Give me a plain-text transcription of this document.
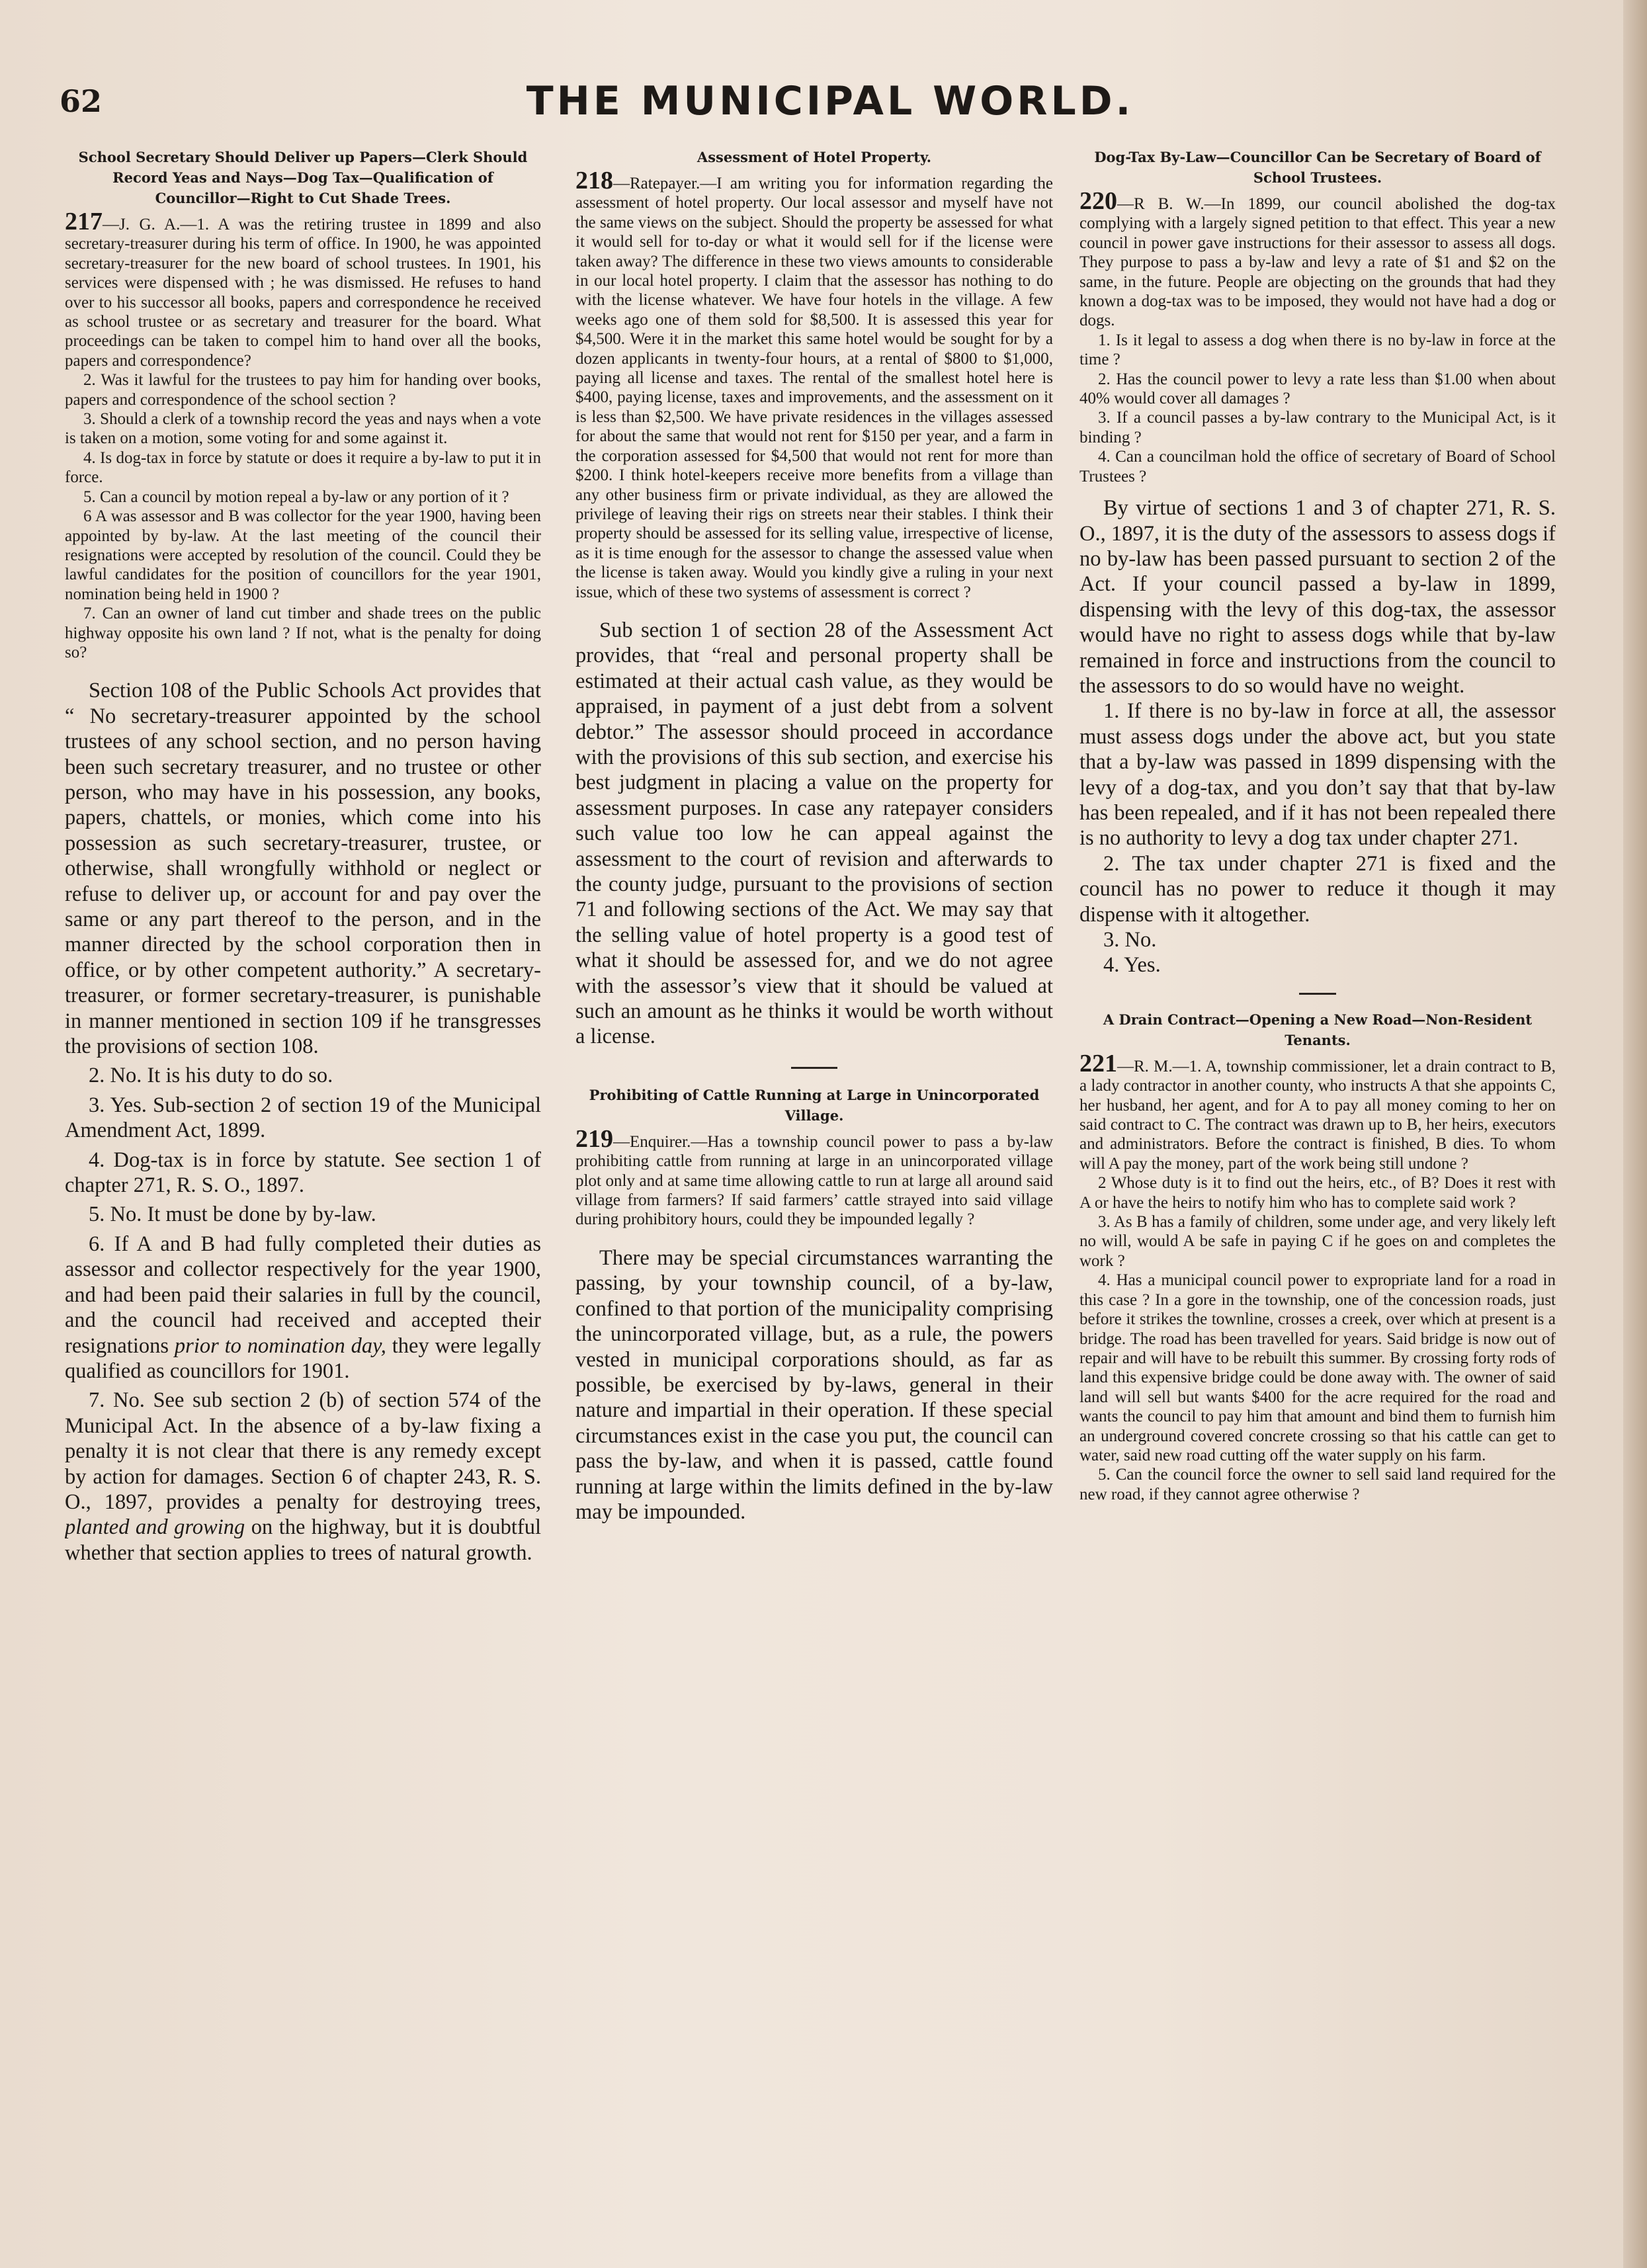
62	THE MUNICIPAL WORLD.
School Secretary Should Deliver up Papers—Clerk Should Record Yeas and Nays—Dog Tax—Qualification of Councillor—Right to Cut Shade Trees.

217—J. G. A.—1. A was the retiring trustee in 1899 and also secretary-treasurer during his term of office. In 1900, he was appointed secretary-treasurer for the new board of school trustees. In 1901, his services were dispensed with ; he was dismissed. He refuses to hand over to his successor all books, papers and correspondence he received as school trustee or as secretary and treasurer for the board. What proceedings can be taken to compel him to hand over all the books, papers and correspondence?

2. Was it lawful for the trustees to pay him for handing over books, papers and correspondence of the school section ?

3. Should a clerk of a township record the yeas and nays when a vote is taken on a motion, some voting for and some against it.

4. Is dog-tax in force by statute or does it require a by-law to put it in force.

5. Can a council by motion repeal a by-law or any portion of it ?

6 A was assessor and B was collector for the year 1900, having been appointed by by-law. At the last meeting of the council their resignations were accepted by resolution of the council. Could they be lawful candidates for the position of councillors for the year 1901, nomination being held in 1900 ?

7. Can an owner of land cut timber and shade trees on the public highway opposite his own land ? If not, what is the penalty for doing so?

Section 108 of the Public Schools Act provides that “ No secretary-treasurer appointed by the school trustees of any school section, and no person having been such secretary treasurer, and no trustee or other person, who may have in his possession, any books, papers, chattels, or monies, which come into his possession as such secretary-treasurer, trustee, or otherwise, shall wrongfully withhold or neglect or refuse to deliver up, or account for and pay over the same or any part thereof to the person, and in the manner directed by the school corporation then in office, or by other competent authority.” A secretary-treasurer, or former secretary-treasurer, is punishable in manner mentioned in section 109 if he transgresses the provisions of section 108.

2. No. It is his duty to do so.

3. Yes. Sub-section 2 of section 19 of the Municipal Amendment Act, 1899.

4. Dog-tax is in force by statute. See section 1 of chapter 271, R. S. O., 1897.

5. No. It must be done by by-law.

6. If A and B had fully completed their duties as assessor and collector respectively for the year 1900, and had been paid their salaries in full by the council, and the council had received and accepted their resignations prior to nomination day, they were legally qualified as councillors for 1901.

7. No. See sub section 2 (b) of section 574 of the Municipal Act. In the absence of a by-law fixing a penalty it is not clear that there is any remedy except by action for damages. Section 6 of chapter 243, R. S. O., 1897, provides a penalty for destroying trees, planted and growing on the highway, but it is doubtful whether that section applies to trees of natural growth.

Assessment of Hotel Property.

218—Ratepayer.—I am writing you for information regarding the assessment of hotel property. Our local assessor and myself have not the same views on the subject. Should the property be assessed for what it would sell for to-day or what it would sell for if the license were taken away? The difference in these two views amounts to considerable in our local hotel property. I claim that the assessor has nothing to do with the license whatever. We have four hotels in the village. A few weeks ago one of them sold for $8,500. It is assessed this year for $4,500. Were it in the market this same hotel would be sought for by a dozen applicants in twenty-four hours, at a rental of $800 to $1,000, paying all license and taxes. The rental of the smallest hotel here is $400, paying license, taxes and improvements, and the assessment on it is less than $2,500. We have private residences in the villages assessed for about the same that would not rent for $150 per year, and a farm in the corporation assessed for $4,500 that would not rent for more than $200. I think hotel-keepers receive more benefits from a village than any other business firm or private individual, as they are allowed the privilege of leaving their rigs on streets near their stables. I think their property should be assessed for its selling value, irrespective of license, as it is time enough for the assessor to change the assessed value when the license is taken away. Would you kindly give a ruling in your next issue, which of these two systems of assessment is correct ?

Sub section 1 of section 28 of the Assessment Act provides, that “real and personal property shall be estimated at their actual cash value, as they would be appraised, in payment of a just debt from a solvent debtor.” The assessor should proceed in accordance with the provisions of this sub section, and exercise his best judgment in placing a value on the property for assessment purposes. In case any ratepayer considers such value too low he can appeal against the assessment to the court of revision and afterwards to the county judge, pursuant to the provisions of section 71 and following sections of the Act. We may say that the selling value of hotel property is a good test of what it should be assessed for, and we do not agree with the assessor’s view that it should be valued at such an amount as he thinks it would be worth without a license.

Prohibiting of Cattle Running at Large in Unincorporated Village.

219—Enquirer.—Has a township council power to pass a by-law prohibiting cattle from running at large in an unincorporated village plot only and at same time allowing cattle to run at large all around said village from farmers? If said farmers’ cattle strayed into said village during prohibitory hours, could they be impounded legally ?

There may be special circumstances warranting the passing, by your township council, of a by-law, confined to that portion of the municipality comprising the unincorporated village, but, as a rule, the powers vested in municipal corporations should, as far as possible, be exercised by by-laws, general in their nature and impartial in their operation. If these special circumstances exist in the case you put, the council can pass the by-law, and when it is passed, cattle found running at large within the limits defined in the by-law may be impounded.

Dog-Tax By-Law—Councillor Can be Secretary of Board of School Trustees.

220—R B. W.—In 1899, our council abolished the dog-tax complying with a largely signed petition to that effect. This year a new council in power gave instructions for their assessor to assess all dogs. They purpose to pass a by-law and levy a rate of $1 and $2 on the same, in the future. People are objecting on the grounds that had they known a dog-tax was to be imposed, they would not have had a dog or dogs.

1. Is it legal to assess a dog when there is no by-law in force at the time ?

2. Has the council power to levy a rate less than $1.00 when about 40% would cover all damages ?

3. If a council passes a by-law contrary to the Municipal Act, is it binding ?

4. Can a councilman hold the office of secretary of Board of School Trustees ?

By virtue of sections 1 and 3 of chapter 271, R. S. O., 1897, it is the duty of the assessors to assess dogs if no by-law has been passed pursuant to section 2 of the Act. If your council passed a by-law in 1899, dispensing with the levy of this dog-tax, the assessor would have no right to assess dogs while that by-law remained in force and instructions from the council to the assessors to do so would have no weight.

1. If there is no by-law in force at all, the assessor must assess dogs under the above act, but you state that a by-law was passed in 1899 dispensing with the levy of a dog-tax, and you don’t say that that by-law has been repealed, and if it has not been repealed there is no authority to levy a dog tax under chapter 271.

2. The tax under chapter 271 is fixed and the council has no power to reduce it though it may dispense with it altogether.

3. No.

4. Yes.

A Drain Contract—Opening a New Road—Non-Resident Tenants.

221—R. M.—1. A, township commissioner, let a drain contract to B, a lady contractor in another county, who instructs A that she appoints C, her husband, her agent, and for A to pay all money coming to her on said contract to C. The contract was drawn up to B, her heirs, executors and administrators. Before the contract is finished, B dies. To whom will A pay the money, part of the work being still undone ?

2 Whose duty is it to find out the heirs, etc., of B? Does it rest with A or have the heirs to notify him who has to complete said work ?

3. As B has a family of children, some under age, and very likely left no will, would A be safe in paying C if he goes on and completes the work ?

4. Has a municipal council power to expropriate land for a road in this case ? In a gore in the township, one of the concession roads, just before it strikes the townline, crosses a creek, over which at present is a bridge. The road has been travelled for years. Said bridge is now out of repair and will have to be rebuilt this summer. By crossing forty rods of land this expensive bridge could be done away with. The owner of said land will sell but wants $400 for the acre required for the road and wants the council to pay him that amount and bind them to furnish him an underground covered concrete crossing so that his cattle can get to water, said new road cutting off the water supply on his farm.

5. Can the council force the owner to sell said land required for the new road, if they cannot agree otherwise ?
